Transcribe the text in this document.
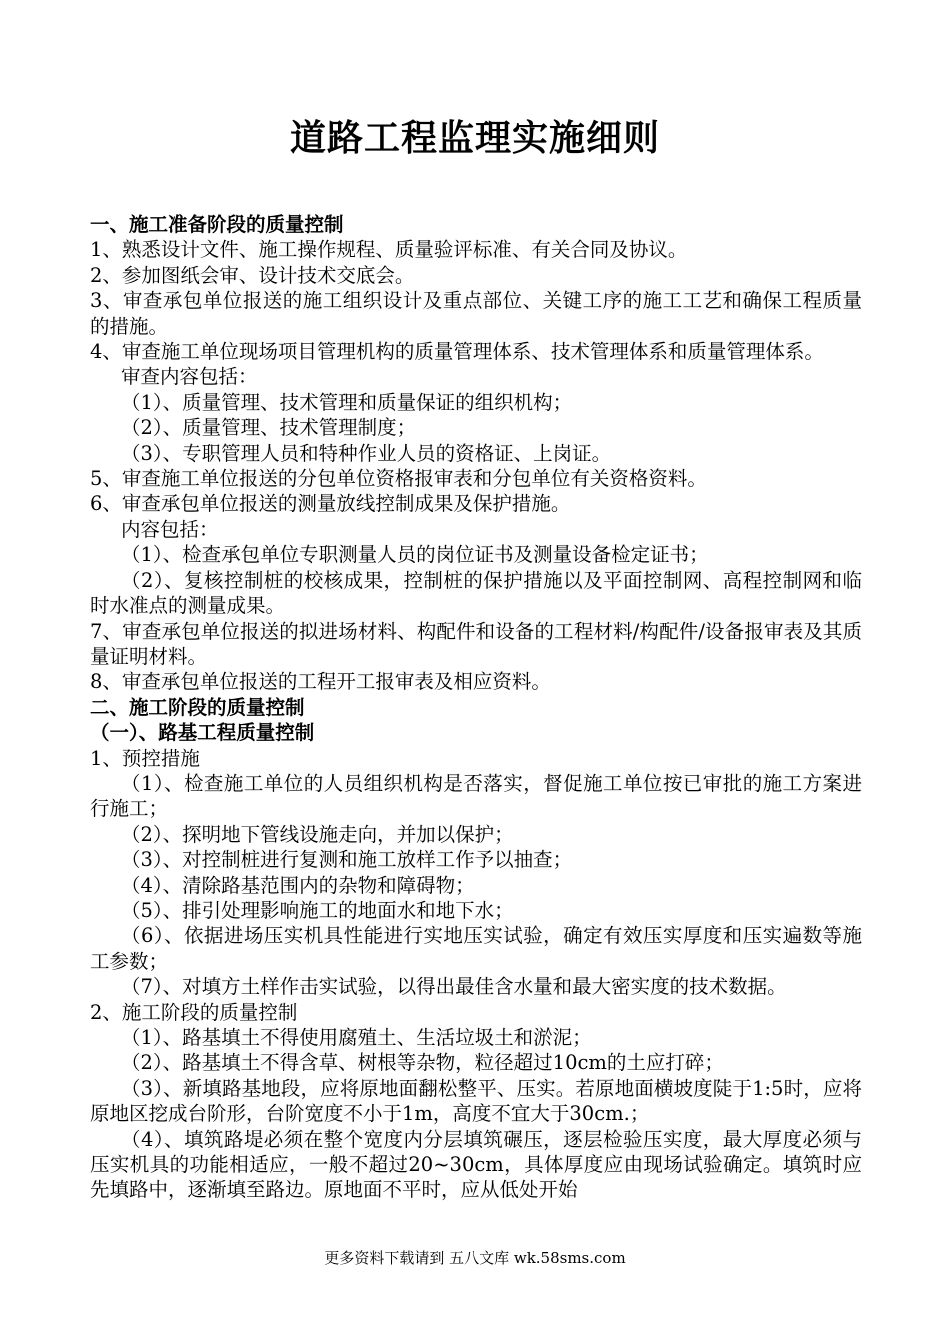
道路工程监理实施细则

一、施工准备阶段的质量控制

1、熟悉设计文件、施工操作规程、质量验评标准、有关合同及协议。

2、参加图纸会审、设计技术交底会。

3、审查承包单位报送的施工组织设计及重点部位、关键工序的施工工艺和确保工程质量的措施。

4、审查施工单位现场项目管理机构的质量管理体系、技术管理体系和质量管理体系。

审查内容包括：

（1）、质量管理、技术管理和质量保证的组织机构；

（2）、质量管理、技术管理制度；

（3）、专职管理人员和特种作业人员的资格证、上岗证。

5、审查施工单位报送的分包单位资格报审表和分包单位有关资格资料。

6、审查承包单位报送的测量放线控制成果及保护措施。

内容包括：

（1）、检查承包单位专职测量人员的岗位证书及测量设备检定证书；

（2）、复核控制桩的校核成果，控制桩的保护措施以及平面控制网、高程控制网和临时水准点的测量成果。

7、审查承包单位报送的拟进场材料、构配件和设备的工程材料/构配件/设备报审表及其质量证明材料。

8、审查承包单位报送的工程开工报审表及相应资料。

二、施工阶段的质量控制

（一）、路基工程质量控制

1、预控措施

（1）、检查施工单位的人员组织机构是否落实，督促施工单位按已审批的施工方案进行施工；

（2）、探明地下管线设施走向，并加以保护；

（3）、对控制桩进行复测和施工放样工作予以抽查；

（4）、清除路基范围内的杂物和障碍物；

（5）、排引处理影响施工的地面水和地下水；

（6）、依据进场压实机具性能进行实地压实试验，确定有效压实厚度和压实遍数等施工参数；

（7）、对填方土样作击实试验，以得出最佳含水量和最大密实度的技术数据。

2、施工阶段的质量控制

（1）、路基填土不得使用腐殖土、生活垃圾土和淤泥；

（2）、路基填土不得含草、树根等杂物，粒径超过10cm的土应打碎；

（3）、新填路基地段，应将原地面翻松整平、压实。若原地面横坡度陡于1:5时，应将原地区挖成台阶形，台阶宽度不小于1m，高度不宜大于30cm.；

（4）、填筑路堤必须在整个宽度内分层填筑碾压，逐层检验压实度，最大厚度必须与压实机具的功能相适应，一般不超过20~30cm，具体厚度应由现场试验确定。填筑时应先填路中，逐渐填至路边。原地面不平时，应从低处开始

更多资料下载请到 五八文库 wk.58sms.com
